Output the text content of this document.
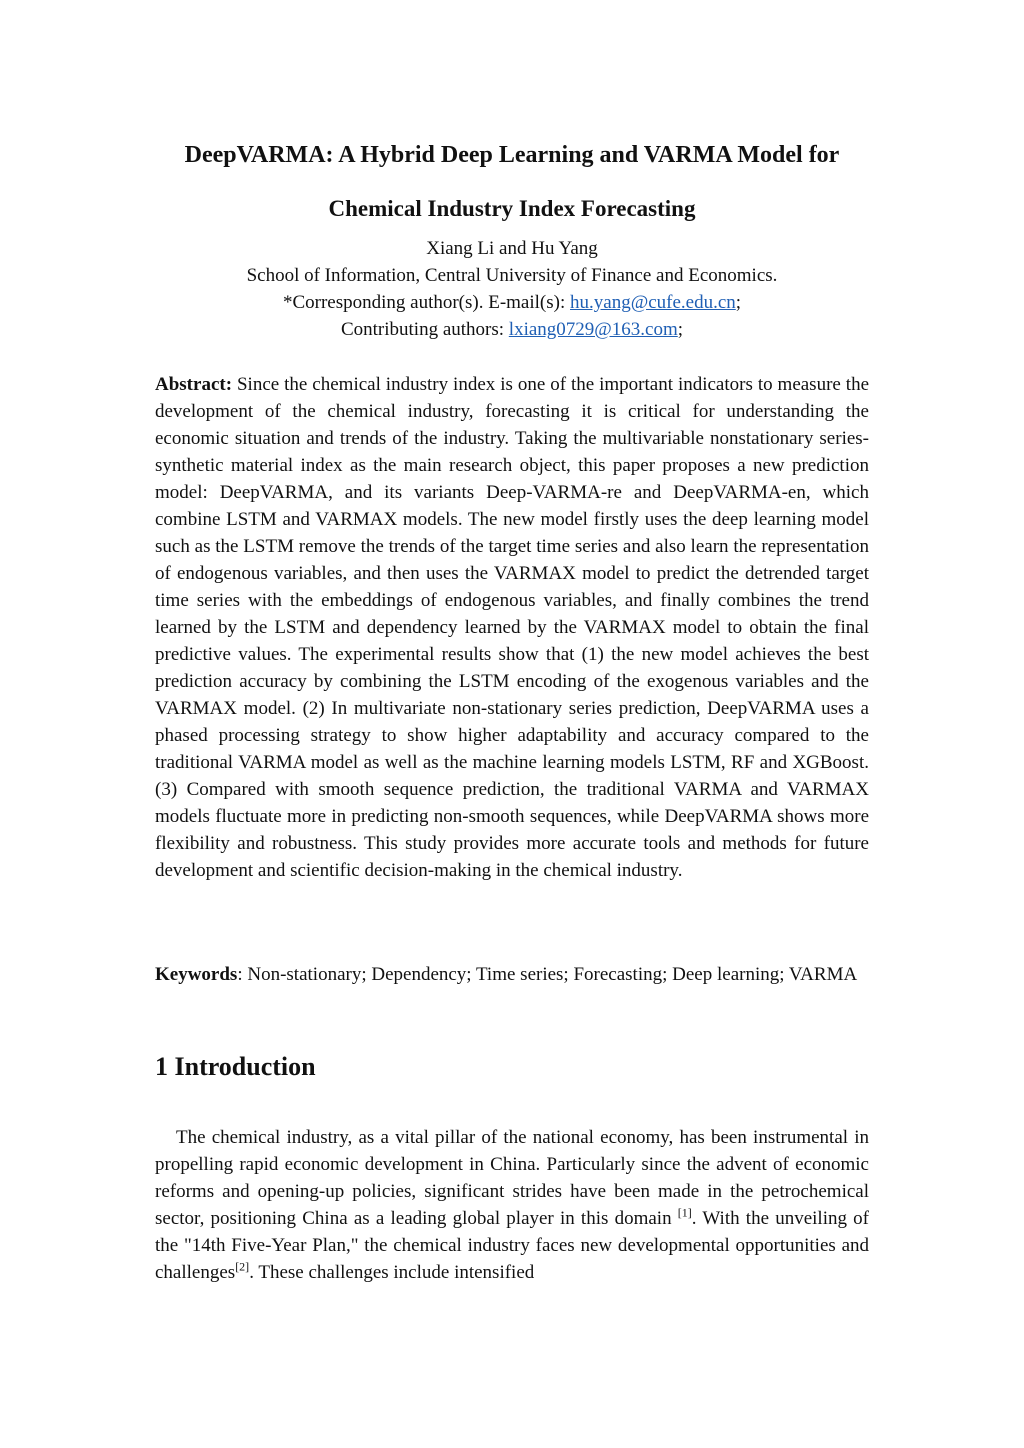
DeepVARMA: A Hybrid Deep Learning and VARMA Model for
Chemical Industry Index Forecasting
Xiang Li and Hu Yang
School of Information, Central University of Finance and Economics.
*Corresponding author(s). E-mail(s): hu.yang@cufe.edu.cn;
Contributing authors: lxiang0729@163.com;
Abstract: Since the chemical industry index is one of the important indicators to measure the development of the chemical industry, forecasting it is critical for understanding the economic situation and trends of the industry. Taking the multivariable nonstationary series-synthetic material index as the main research object, this paper proposes a new prediction model: DeepVARMA, and its variants Deep-VARMA-re and DeepVARMA-en, which combine LSTM and VARMAX models. The new model firstly uses the deep learning model such as the LSTM remove the trends of the target time series and also learn the representation of endogenous variables, and then uses the VARMAX model to predict the detrended target time series with the embeddings of endogenous variables, and finally combines the trend learned by the LSTM and dependency learned by the VARMAX model to obtain the final predictive values. The experimental results show that (1) the new model achieves the best prediction accuracy by combining the LSTM encoding of the exogenous variables and the VARMAX model. (2) In multivariate non-stationary series prediction, DeepVARMA uses a phased processing strategy to show higher adaptability and accuracy compared to the traditional VARMA model as well as the machine learning models LSTM, RF and XGBoost. (3) Compared with smooth sequence prediction, the traditional VARMA and VARMAX models fluctuate more in predicting non-smooth sequences, while DeepVARMA shows more flexibility and robustness. This study provides more accurate tools and methods for future development and scientific decision-making in the chemical industry.
Keywords: Non-stationary; Dependency; Time series; Forecasting; Deep learning; VARMA
1 Introduction
The chemical industry, as a vital pillar of the national economy, has been instrumental in propelling rapid economic development in China. Particularly since the advent of economic reforms and opening-up policies, significant strides have been made in the petrochemical sector, positioning China as a leading global player in this domain [1]. With the unveiling of the "14th Five-Year Plan," the chemical industry faces new developmental opportunities and challenges[2]. These challenges include intensified
